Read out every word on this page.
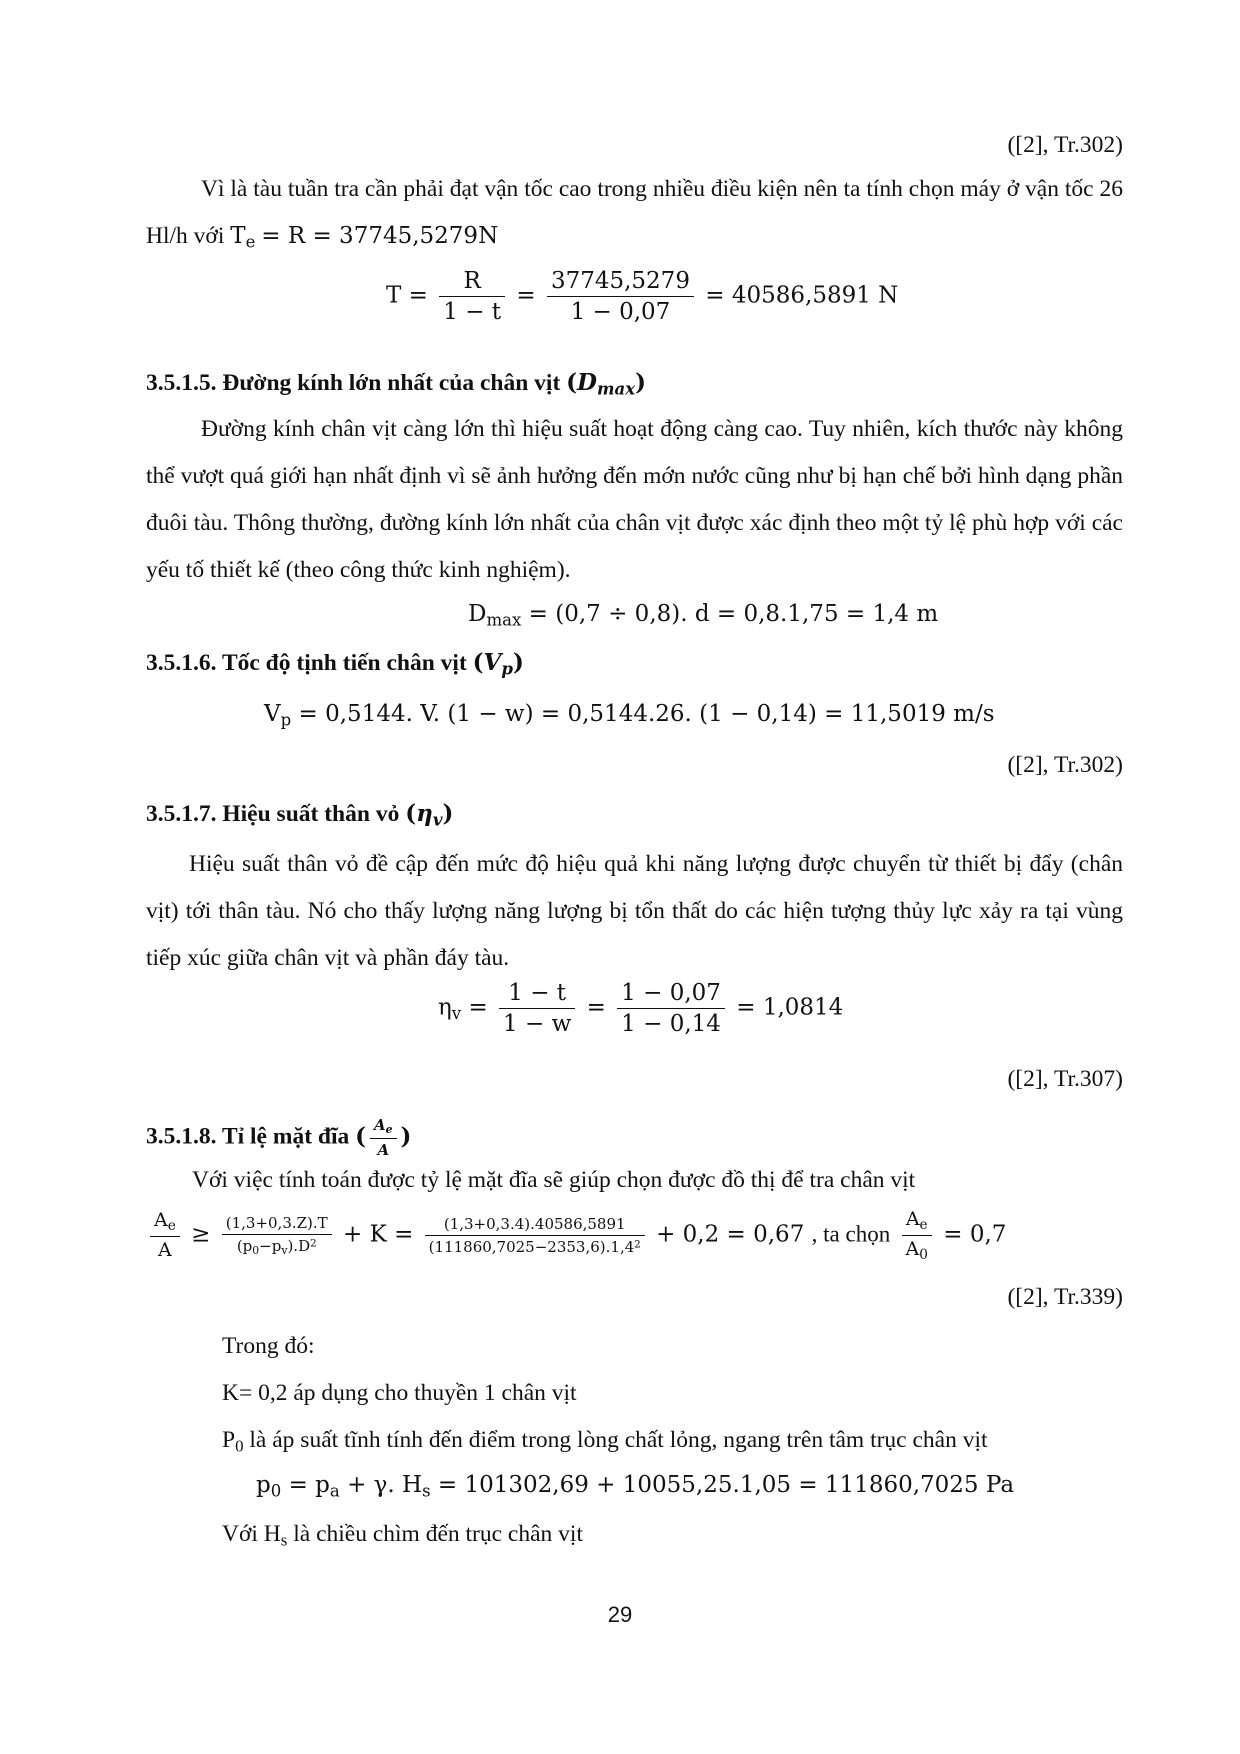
([2], Tr.302)
Vì là tàu tuần tra cần phải đạt vận tốc cao trong nhiều điều kiện nên ta tính chọn máy ở vận tốc 26 Hl/h với $T_e = R = 37745,5279N$
$T = \frac{R}{1 - t} = \frac{37745,5279}{1 - 0,07} = 40586,5891$ N
3.5.1.5. Đường kính lớn nhất của chân vịt $(D_{max})$
Đường kính chân vịt càng lớn thì hiệu suất hoạt động càng cao. Tuy nhiên, kích thước này không thể vượt quá giới hạn nhất định vì sẽ ảnh hưởng đến mớn nước cũng như bị hạn chế bởi hình dạng phần đuôi tàu. Thông thường, đường kính lớn nhất của chân vịt được xác định theo một tỷ lệ phù hợp với các yếu tố thiết kế (theo công thức kinh nghiệm).
$D_{max} = (0,7 \div 0,8)$. d = 0,8.1,75 = 1,4 m
3.5.1.6. Tốc độ tịnh tiến chân vịt $(V_p)$
$V_p = 0,5144$. V. (1 − w) = 0,5144.26. (1 − 0,14) = 11,5019 m/s
([2], Tr.302)
3.5.1.7. Hiệu suất thân vỏ $(\eta_v)$
Hiệu suất thân vỏ đề cập đến mức độ hiệu quả khi năng lượng được chuyển từ thiết bị đẩy (chân vịt) tới thân tàu. Nó cho thấy lượng năng lượng bị tổn thất do các hiện tượng thủy lực xảy ra tại vùng tiếp xúc giữa chân vịt và phần đáy tàu.
$\eta_v = \frac{1 - t}{1 - w} = \frac{1 - 0,07}{1 - 0,14} = 1,0814$
([2], Tr.307)
3.5.1.8. Tỉ lệ mặt đĩa ( $\frac{A_e}{A}$ )
Với việc tính toán được tỷ lệ mặt đĩa sẽ giúp chọn được đồ thị để tra chân vịt
$\frac{A_e}{A} \ge \frac{(1,3+0,3.Z).T}{(p_0-p_v).D^2} + K = \frac{(1,3+0,3.4).40586,5891}{(111860,7025-2353,6).1,4^2} + 0,2 = 0,67$ , ta chọn $\frac{A_e}{A_0} = 0,7$
([2], Tr.339)
Trong đó:
K= 0,2 áp dụng cho thuyền 1 chân vịt
$P_0$ là áp suất tĩnh tính đến điểm trong lòng chất lỏng, ngang trên tâm trục chân vịt
$p_0 = p_a + \gamma$. $H_s = 101302,69 + 10055,25.1,05 = 111860,7025$ Pa
Với $H_s$ là chiều chìm đến trục chân vịt
29
